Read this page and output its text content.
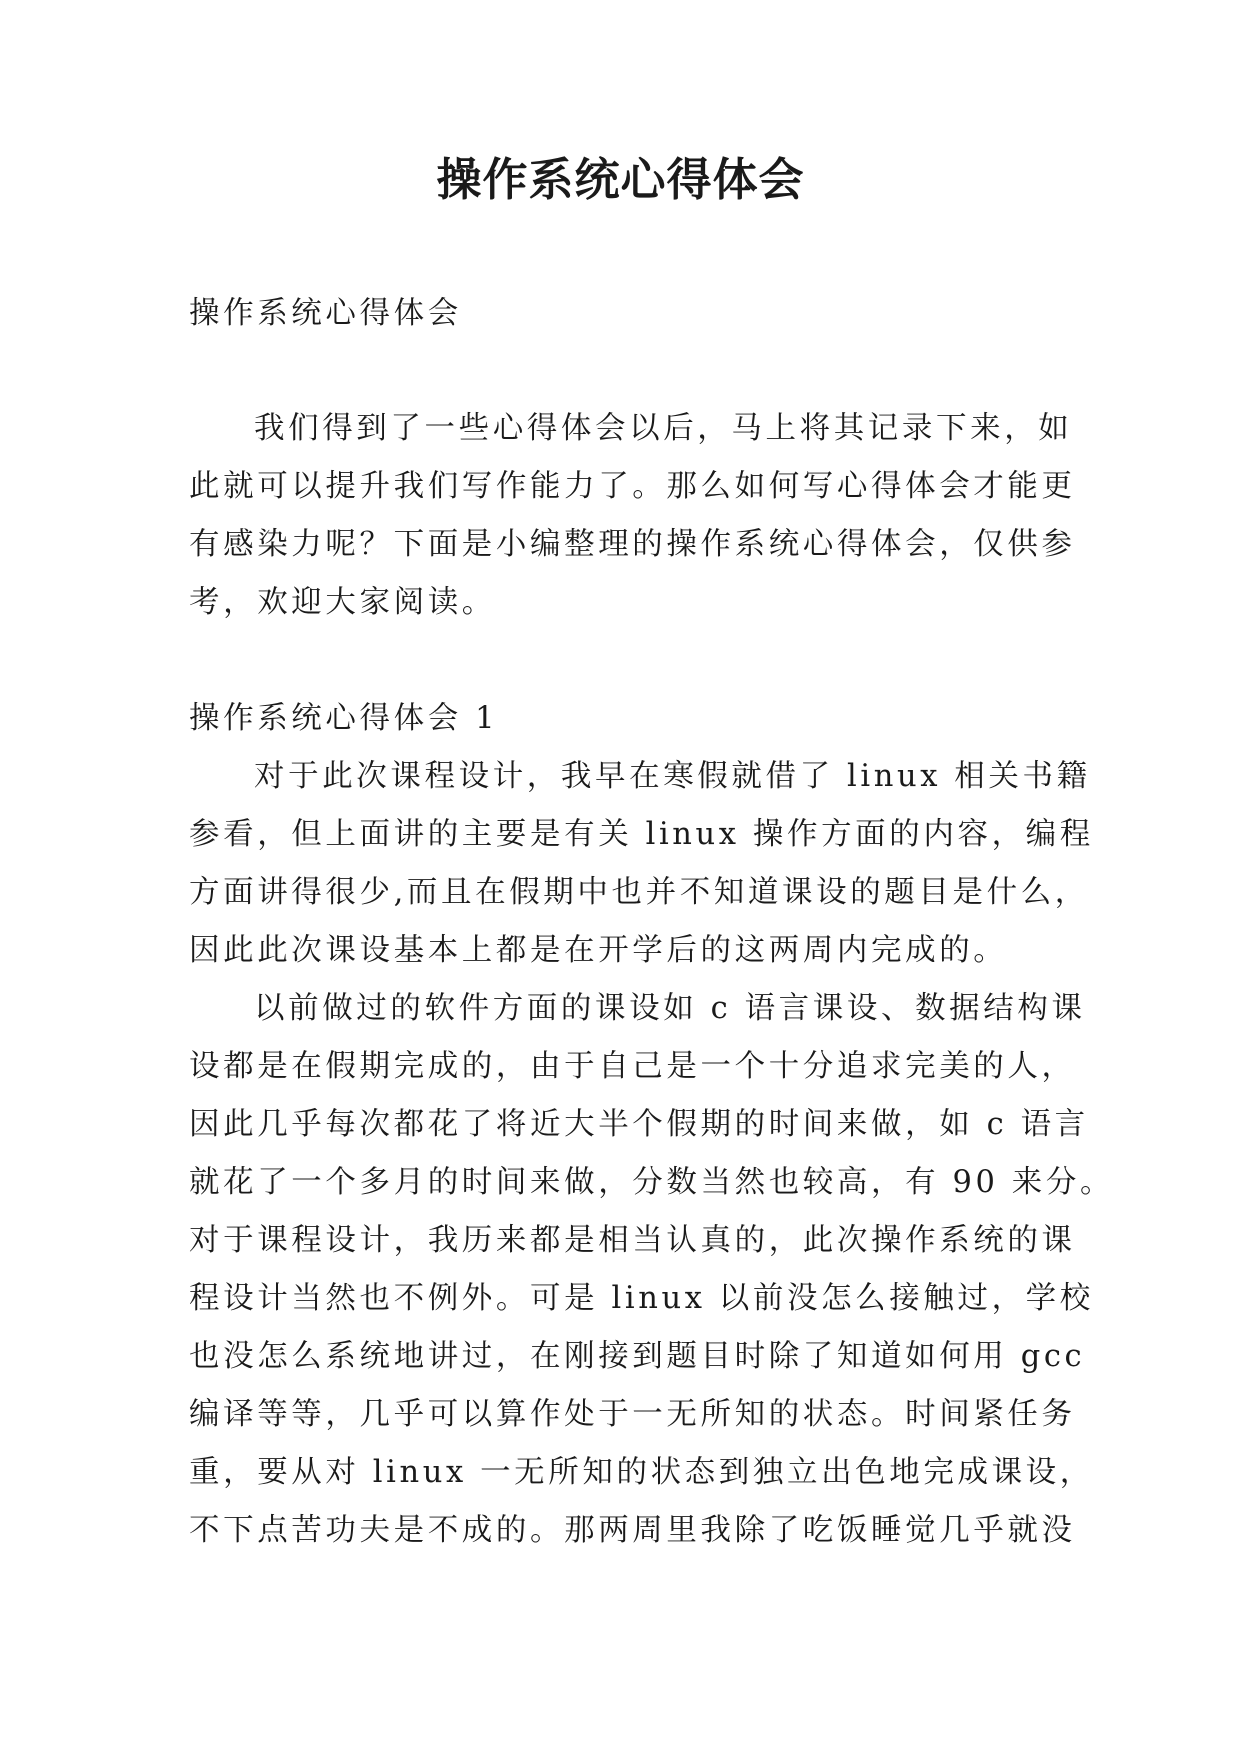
操作系统心得体会
操作系统心得体会
我们得到了一些心得体会以后，马上将其记录下来，如
此就可以提升我们写作能力了。那么如何写心得体会才能更
有感染力呢？下面是小编整理的操作系统心得体会，仅供参
考，欢迎大家阅读。
操作系统心得体会 1
对于此次课程设计，我早在寒假就借了 linux 相关书籍
参看，但上面讲的主要是有关 linux 操作方面的内容，编程
方面讲得很少,而且在假期中也并不知道课设的题目是什么，
因此此次课设基本上都是在开学后的这两周内完成的。
以前做过的软件方面的课设如 c 语言课设、数据结构课
设都是在假期完成的，由于自己是一个十分追求完美的人，
因此几乎每次都花了将近大半个假期的时间来做，如 c 语言
就花了一个多月的时间来做，分数当然也较高，有 90 来分。
对于课程设计，我历来都是相当认真的，此次操作系统的课
程设计当然也不例外。可是 linux 以前没怎么接触过，学校
也没怎么系统地讲过，在刚接到题目时除了知道如何用 gcc
编译等等，几乎可以算作处于一无所知的状态。时间紧任务
重，要从对 linux 一无所知的状态到独立出色地完成课设，
不下点苦功夫是不成的。那两周里我除了吃饭睡觉几乎就没
